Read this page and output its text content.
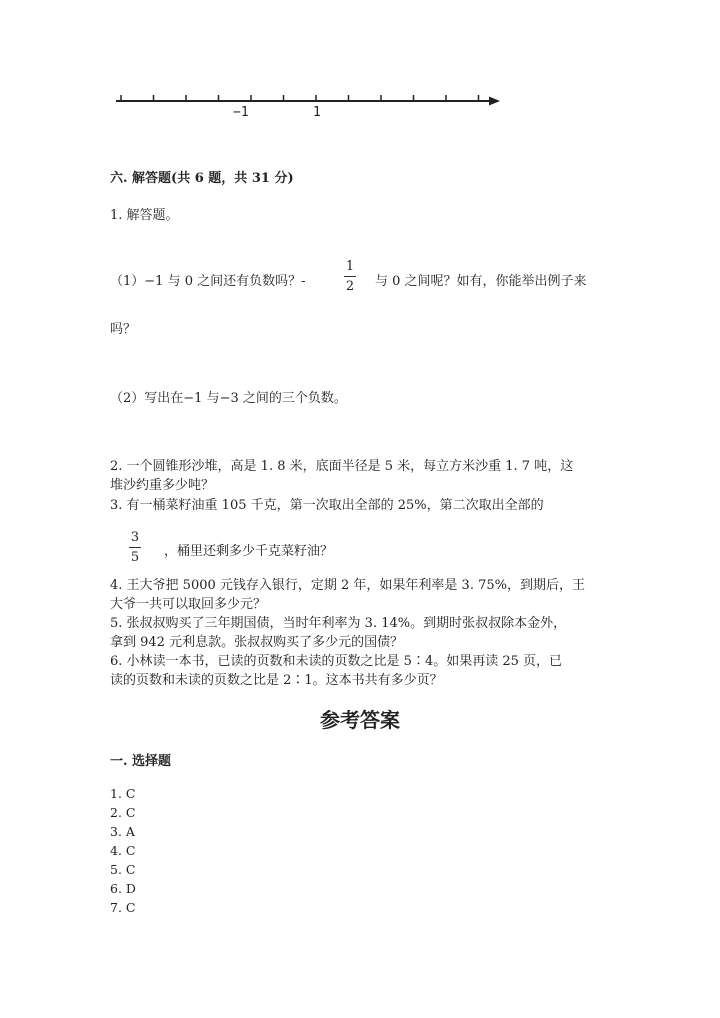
−1	1
六. 解答题(共 6 题，共 31 分)
1. 解答题。
（1）−1 与 0 之间还有负数吗？-
1
2 与 0 之间呢？如有，你能举出例子来
吗？
（2）写出在−1 与−3 之间的三个负数。
2. 一个圆锥形沙堆，高是 1. 8 米，底面半径是 5 米，每立方米沙重 1. 7 吨，这
堆沙约重多少吨？
3. 有一桶菜籽油重 105 千克，第一次取出全部的 25%，第二次取出全部的
3
5 ，桶里还剩多少千克菜籽油？
4. 王大爷把 5000 元钱存入银行，定期 2 年，如果年利率是 3. 75%，到期后，王
大爷一共可以取回多少元？
5. 张叔叔购买了三年期国债，当时年利率为 3. 14%。到期时张叔叔除本金外，
拿到 942 元利息款。张叔叔购买了多少元的国债？
6. 小林读一本书，已读的页数和未读的页数之比是 5∶4。如果再读 25 页，已
读的页数和未读的页数之比是 2∶1。这本书共有多少页？
参考答案
一. 选择题
1. C
2. C
3. A
4. C
5. C
6. D
7. C
